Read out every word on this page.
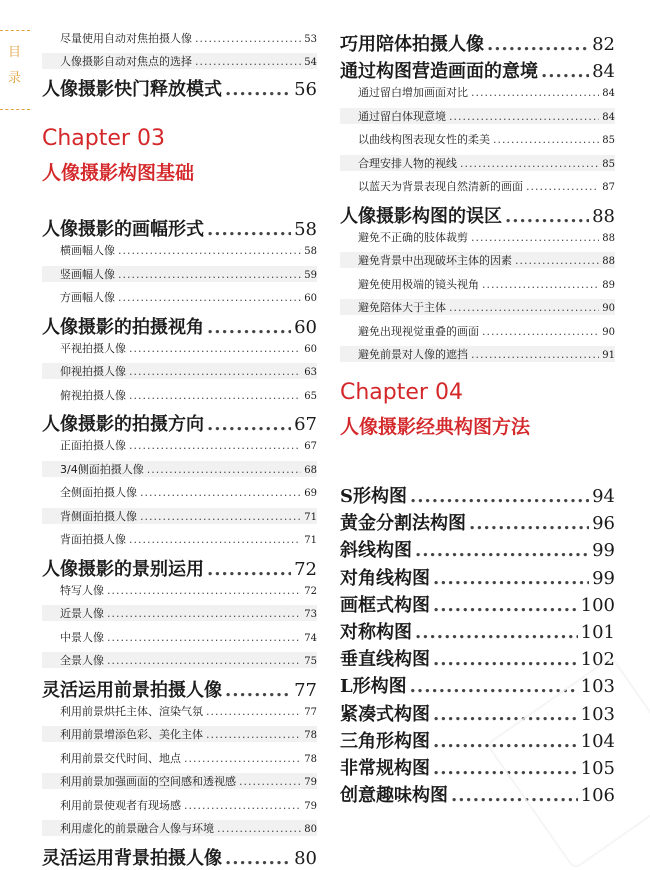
目
录
尽量使用自动对焦拍摄人像 .....	53
人像摄影自动对焦点的选择 .....	54
人像摄影快门释放模式 .....	56
Chapter 03
人像摄影构图基础
人像摄影的画幅形式 .....	58
横画幅人像 .....	58
竖画幅人像 .....	59
方画幅人像 .....	60
人像摄影的拍摄视角 .....	60
平视拍摄人像 .....	60
仰视拍摄人像 .....	63
俯视拍摄人像 .....	65
人像摄影的拍摄方向 .....	67
正面拍摄人像 .....	67
3/4侧面拍摄人像 .....	68
全侧面拍摄人像 .....	69
背侧面拍摄人像 .....	71
背面拍摄人像 .....	71
人像摄影的景别运用 .....	72
特写人像 .....	72
近景人像 .....	73
中景人像 .....	74
全景人像 .....	75
灵活运用前景拍摄人像 .....	77
利用前景烘托主体、渲染气氛 .....	77
利用前景增添色彩、美化主体 .....	78
利用前景交代时间、地点 .....	78
利用前景加强画面的空间感和透视感 .....	79
利用前景使观者有现场感 .....	79
利用虚化的前景融合人像与环境 .....	80
灵活运用背景拍摄人像 .....	80
巧用陪体拍摄人像 .....	82
通过构图营造画面的意境 .....	84
通过留白增加画面对比 .....	84
通过留白体现意境 .....	84
以曲线构图表现女性的柔美 .....	85
合理安排人物的视线 .....	85
以蓝天为背景表现自然清新的画面 .....	87
人像摄影构图的误区 .....	88
避免不正确的肢体裁剪 .....	88
避免背景中出现破坏主体的因素 .....	88
避免使用极端的镜头视角 .....	89
避免陪体大于主体 .....	90
避免出现视觉重叠的画面 .....	90
避免前景对人像的遮挡 .....	91
Chapter 04
人像摄影经典构图方法
S形构图 .....	94
黄金分割法构图 .....	96
斜线构图 .....	99
对角线构图 .....	99
画框式构图 .....	100
对称构图 .....	101
垂直线构图 .....	102
L形构图 .....	103
紧凑式构图 .....	103
三角形构图 .....	104
非常规构图 .....	105
创意趣味构图 .....	106
